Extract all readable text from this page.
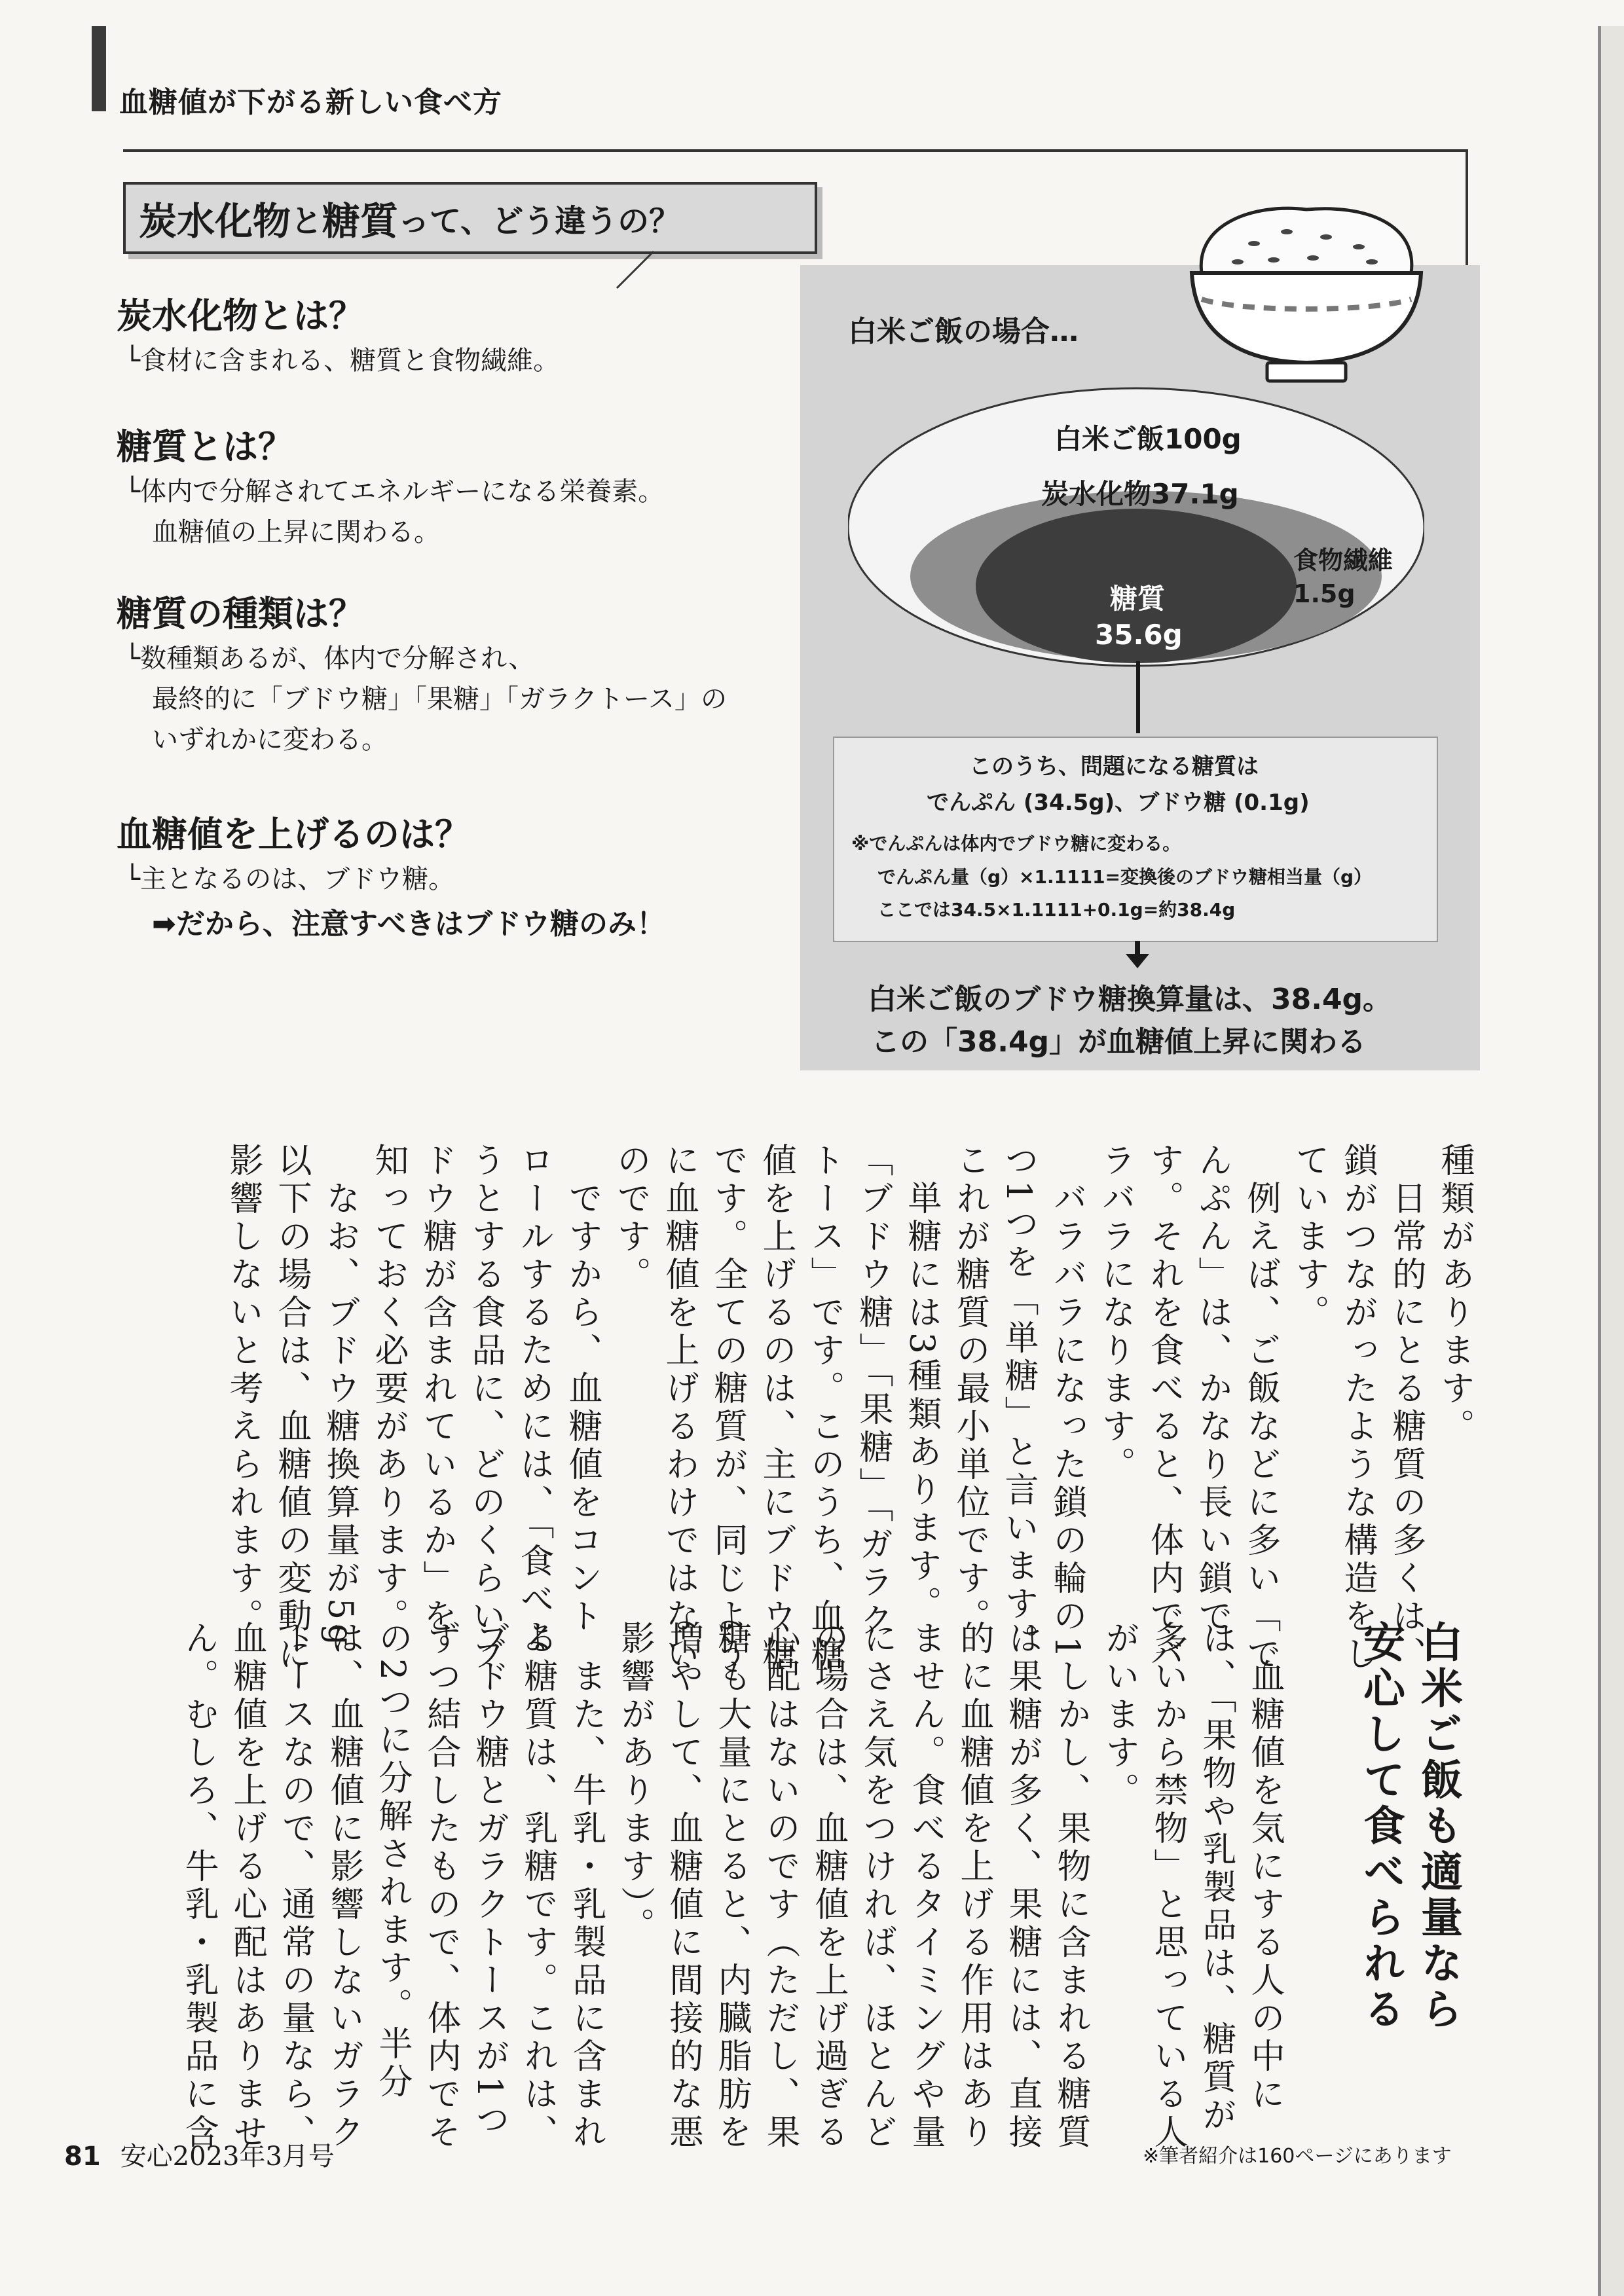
血糖値が下がる新しい食べ方
炭水化物 と 糖質 って、どう違うの？
炭水化物とは？
└食材に含まれる、糖質と食物繊維。
糖質とは？
└体内で分解されてエネルギーになる栄養素。
血糖値の上昇に関わる。
糖質の種類は？
└数種類あるが、体内で分解され、
最終的に「ブドウ糖」「果糖」「ガラクトース」の
いずれかに変わる。
血糖値を上げるのは？
└主となるのは、ブドウ糖。
➡だから、注意すべきはブドウ糖のみ！
白米ご飯の場合…
白米ご飯100g
炭水化物37.1g
食物繊維
1.5g
糖質
35.6g
このうち、問題になる糖質は
でんぷん (34.5g)、ブドウ糖 (0.1g)
※でんぷんは体内でブドウ糖に変わる。
でんぷん量（g）×1.1111=変換後のブドウ糖相当量（g）
ここでは34.5×1.1111+0.1g=約38.4g
白米ご飯のブドウ糖換算量は、38.4g。
この「38.4g」が血糖値上昇に関わる
種類があります。
　日常的にとる糖質の多くは、
鎖がつながったような構造をし
ています。
　例えば、ご飯などに多い「で
んぷん」は、かなり長い鎖で
す。それを食べると、体内でバ
ラバラになります。
　バラバラになった鎖の輪の1
つ1つを「単糖」と言います。
これが糖質の最小単位です。
　単糖には3種類あります。
「ブドウ糖」「果糖」「ガラク
トース」です。このうち、血糖
値を上げるのは、主にブドウ糖
です。全ての糖質が、同じよう
に血糖値を上げるわけではない
のです。
　ですから、血糖値をコント
ロールするためには、「食べよ
うとする食品に、どのくらいブ
ドウ糖が含まれているか」を
知っておく必要があります。
　なお、ブドウ糖換算量が5g
以下の場合は、血糖値の変動に
影響しないと考えられます。
白米ご飯も適量なら
安心して食べられる
　血糖値を気にする人の中に
は、「果物や乳製品は、糖質が
多いから禁物」と思っている人
がいます。
　しかし、果物に含まれる糖質
は果糖が多く、果糖には、直接
的に血糖値を上げる作用はあり
ません。食べるタイミングや量
にさえ気をつければ、ほとんど
の場合は、血糖値を上げ過ぎる
心配はないのです（ただし、果
糖も大量にとると、内臓脂肪を
増やして、血糖値に間接的な悪
影響があります）。
　また、牛乳・乳製品に含まれ
る糖質は、乳糖です。これは、
ブドウ糖とガラクトースが1つ
ずつ結合したもので、体内でそ
の2つに分解されます。半分
は、血糖値に影響しないガラク
トースなので、通常の量なら、
血糖値を上げる心配はありませ
ん。むしろ、牛乳・乳製品に含
81 安心2023年3月号	※筆者紹介は160ページにあります
